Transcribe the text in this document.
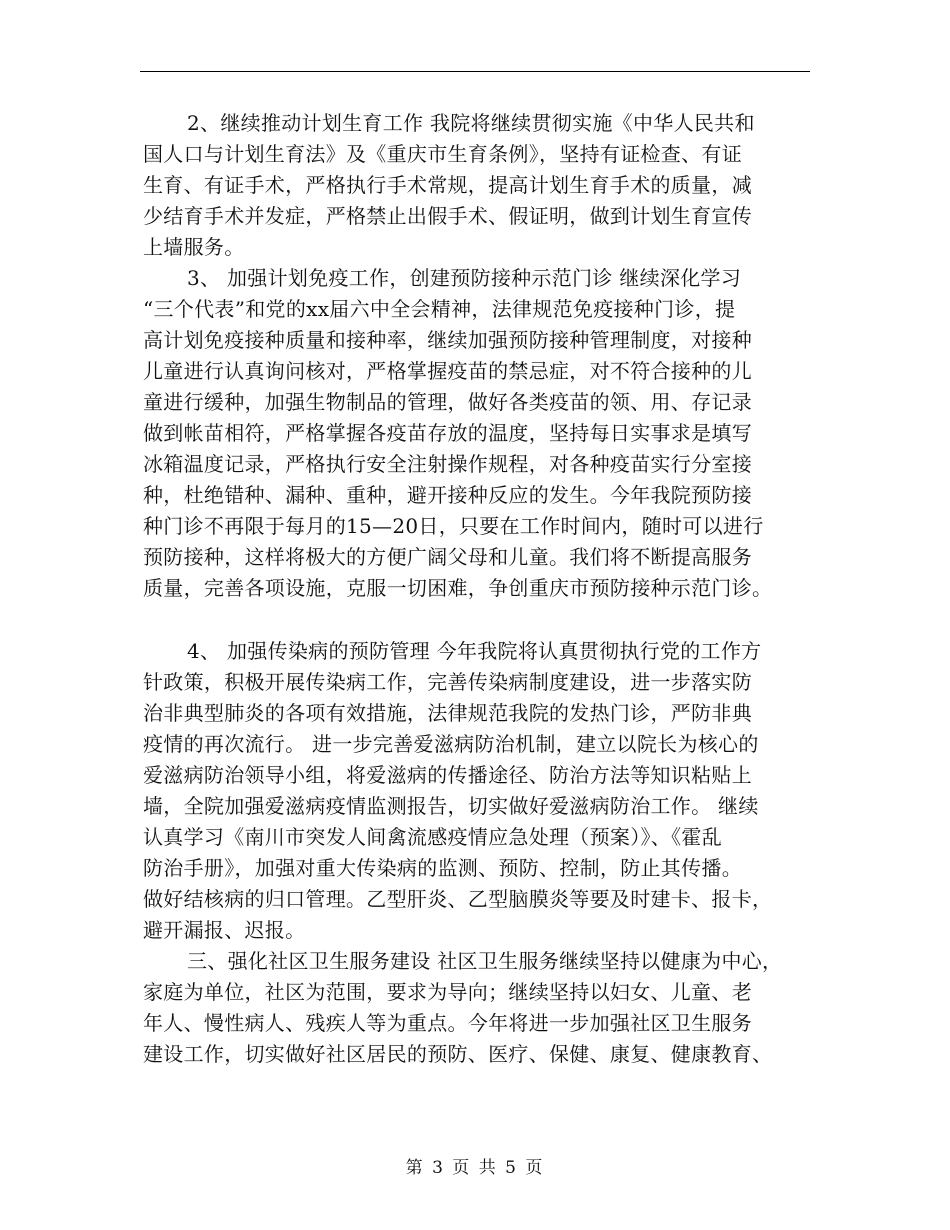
2、继续推动计划生育工作 我院将继续贯彻实施《中华人民共和
国人口与计划生育法》及《重庆市生育条例》，坚持有证检查、有证
生育、有证手术，严格执行手术常规，提高计划生育手术的质量，减
少结育手术并发症，严格禁止出假手术、假证明，做到计划生育宣传
上墙服务。
3、 加强计划免疫工作，创建预防接种示范门诊 继续深化学习
“三个代表”和党的xx届六中全会精神，法律规范免疫接种门诊，提
高计划免疫接种质量和接种率，继续加强预防接种管理制度，对接种
儿童进行认真询问核对，严格掌握疫苗的禁忌症，对不符合接种的儿
童进行缓种，加强生物制品的管理，做好各类疫苗的领、用、存记录
做到帐苗相符，严格掌握各疫苗存放的温度，坚持每日实事求是填写
冰箱温度记录，严格执行安全注射操作规程，对各种疫苗实行分室接
种，杜绝错种、漏种、重种，避开接种反应的发生。今年我院预防接
种门诊不再限于每月的15—20日，只要在工作时间内，随时可以进行
预防接种，这样将极大的方便广阔父母和儿童。我们将不断提高服务
质量，完善各项设施，克服一切困难，争创重庆市预防接种示范门诊。
4、 加强传染病的预防管理 今年我院将认真贯彻执行党的工作方
针政策，积极开展传染病工作，完善传染病制度建设，进一步落实防
治非典型肺炎的各项有效措施，法律规范我院的发热门诊，严防非典
疫情的再次流行。 进一步完善爱滋病防治机制，建立以院长为核心的
爱滋病防治领导小组，将爱滋病的传播途径、防治方法等知识粘贴上
墙，全院加强爱滋病疫情监测报告，切实做好爱滋病防治工作。 继续
认真学习《南川市突发人间禽流感疫情应急处理（预案）》、《霍乱
防治手册》，加强对重大传染病的监测、预防、控制，防止其传播。
做好结核病的归口管理。乙型肝炎、乙型脑膜炎等要及时建卡、报卡，
避开漏报、迟报。
三、强化社区卫生服务建设 社区卫生服务继续坚持以健康为中心，
家庭为单位，社区为范围，要求为导向；继续坚持以妇女、儿童、老
年人、慢性病人、残疾人等为重点。今年将进一步加强社区卫生服务
建设工作，切实做好社区居民的预防、医疗、保健、康复、健康教育、
第 3 页 共 5 页
